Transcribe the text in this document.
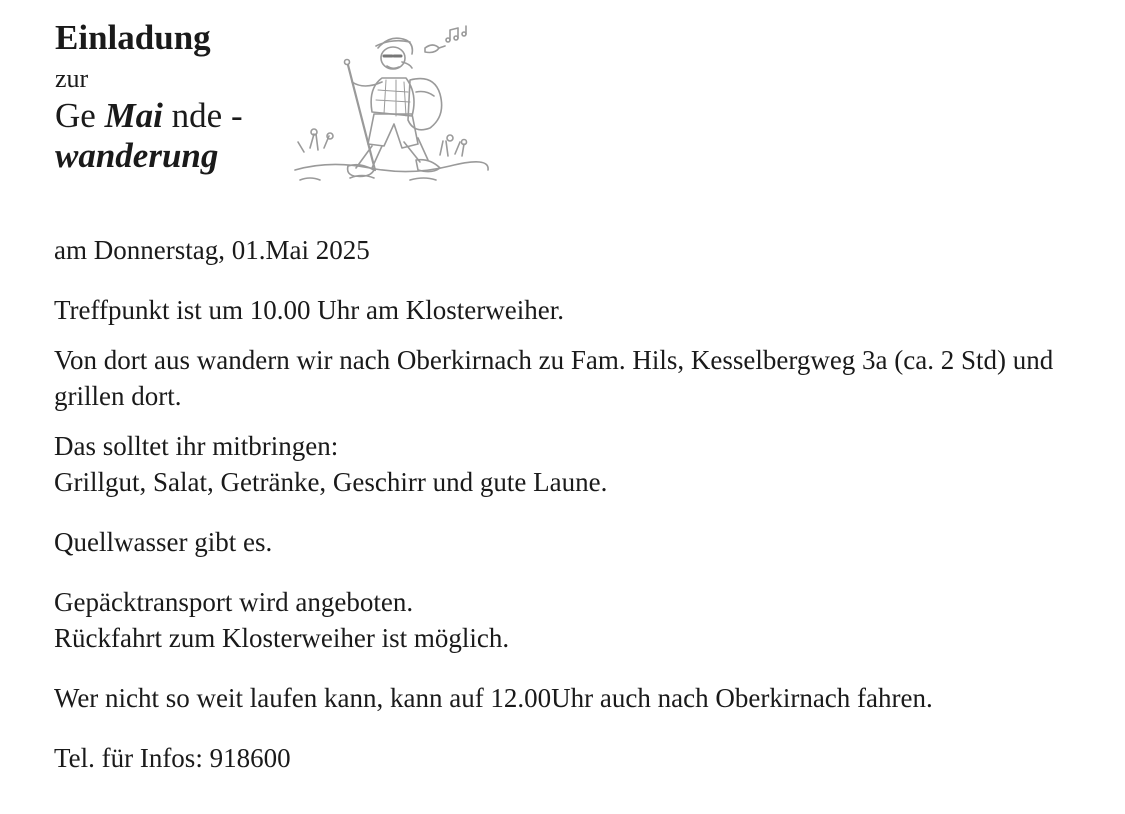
Einladung

zur

Ge Mai nde -

wanderung

am Donnerstag, 01.Mai 2025

Treffpunkt ist um 10.00 Uhr am Klosterweiher.

Von dort aus wandern wir nach Oberkirnach zu Fam. Hils, Kesselbergweg 3a (ca. 2 Std) und grillen dort.

Das solltet ihr mitbringen:

Grillgut, Salat, Getränke, Geschirr und gute Laune.

Quellwasser gibt es.

Gepäcktransport wird angeboten.

Rückfahrt zum Klosterweiher ist möglich.

Wer nicht so weit laufen kann, kann auf 12.00Uhr auch nach Oberkirnach fahren.

Tel. für Infos: 918600
